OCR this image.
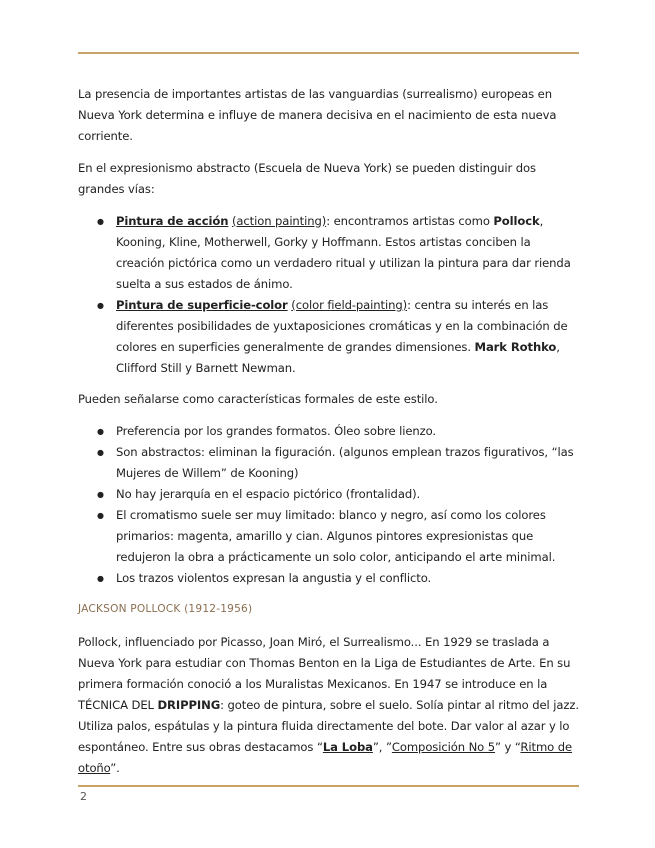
La presencia de importantes artistas de las vanguardias (surrealismo) europeas en Nueva York determina e influye de manera decisiva en el nacimiento de esta nueva corriente.

En el expresionismo abstracto (Escuela de Nueva York) se pueden distinguir dos grandes vías:

● Pintura de acción (action painting): encontramos artistas como Pollock, Kooning, Kline, Motherwell, Gorky y Hoffmann. Estos artistas conciben la creación pictórica como un verdadero ritual y utilizan la pintura para dar rienda suelta a sus estados de ánimo.
● Pintura de superficie-color (color field-painting): centra su interés en las diferentes posibilidades de yuxtaposiciones cromáticas y en la combinación de colores en superficies generalmente de grandes dimensiones. Mark Rothko, Clifford Still y Barnett Newman.

Pueden señalarse como características formales de este estilo.

● Preferencia por los grandes formatos. Óleo sobre lienzo.
● Son abstractos: eliminan la figuración. (algunos emplean trazos figurativos, “las Mujeres de Willem” de Kooning)
● No hay jerarquía en el espacio pictórico (frontalidad).
● El cromatismo suele ser muy limitado: blanco y negro, así como los colores primarios: magenta, amarillo y cian. Algunos pintores expresionistas que redujeron la obra a prácticamente un solo color, anticipando el arte minimal.
● Los trazos violentos expresan la angustia y el conflicto.
JACKSON POLLOCK (1912-1956)

Pollock, influenciado por Picasso, Joan Miró, el Surrealismo... En 1929 se traslada a Nueva York para estudiar con Thomas Benton en la Liga de Estudiantes de Arte. En su primera formación conoció a los Muralistas Mexicanos. En 1947 se introduce en la TÉCNICA DEL DRIPPING: goteo de pintura, sobre el suelo. Solía pintar al ritmo del jazz. Utiliza palos, espátulas y la pintura fluida directamente del bote. Dar valor al azar y lo espontáneo. Entre sus obras destacamos “La Loba”, ”Composición No 5” y “Ritmo de otoño”.

2
